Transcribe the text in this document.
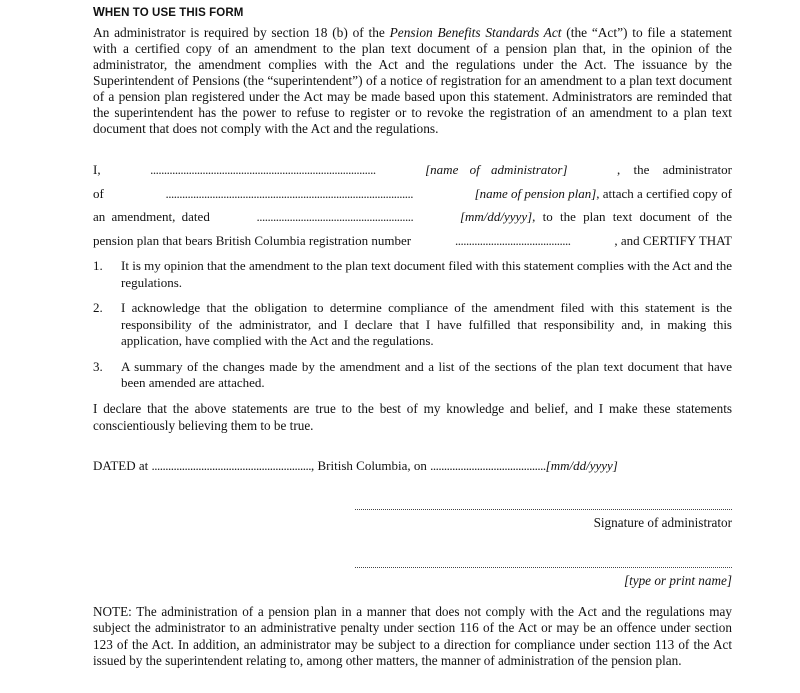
WHEN TO USE THIS FORM

An administrator is required by section 18 (b) of the Pension Benefits Standards Act (the “Act”) to file a statement with a certified copy of an amendment to the plan text document of a pension plan that, in the opinion of the administrator, the amendment complies with the Act and the regulations under the Act. The issuance by the Superintendent of Pensions (the “superintendent”) of a notice of registration for an amendment to a plan text document of a pension plan registered under the Act may be made based upon this statement. Administrators are reminded that the superintendent has the power to refuse to register or to revoke the registration of an amendment to a plan text document that does not comply with the Act and the regulations.

I,	..................................................................................	[name of administrator]	, the administrator
of	..........................................................................................	[name of pension plan], attach a certified copy of
an amendment, dated	.........................................................	[mm/dd/yyyy], to the plan text document of the
pension plan that bears British Columbia registration number	..........................................	, and CERTIFY THAT
1.	It is my opinion that the amendment to the plan text document filed with this statement complies with the Act and the regulations.
2.	I acknowledge that the obligation to determine compliance of the amendment filed with this statement is the responsibility of the administrator, and I declare that I have fulfilled that responsibility and, in making this application, have complied with the Act and the regulations.
3.	A summary of the changes made by the amendment and a list of the sections of the plan text document that have been amended are attached.

I declare that the above statements are true to the best of my knowledge and belief, and I make these statements conscientiously believing them to be true.

DATED at .........................................................., British Columbia, on ..........................................[mm/dd/yyyy]
Signature of administrator
[type or print name]

NOTE: The administration of a pension plan in a manner that does not comply with the Act and the regulations may subject the administrator to an administrative penalty under section 116 of the Act or may be an offence under section 123 of the Act. In addition, an administrator may be subject to a direction for compliance under section 113 of the Act issued by the superintendent relating to, among other matters, the manner of administration of the pension plan.
